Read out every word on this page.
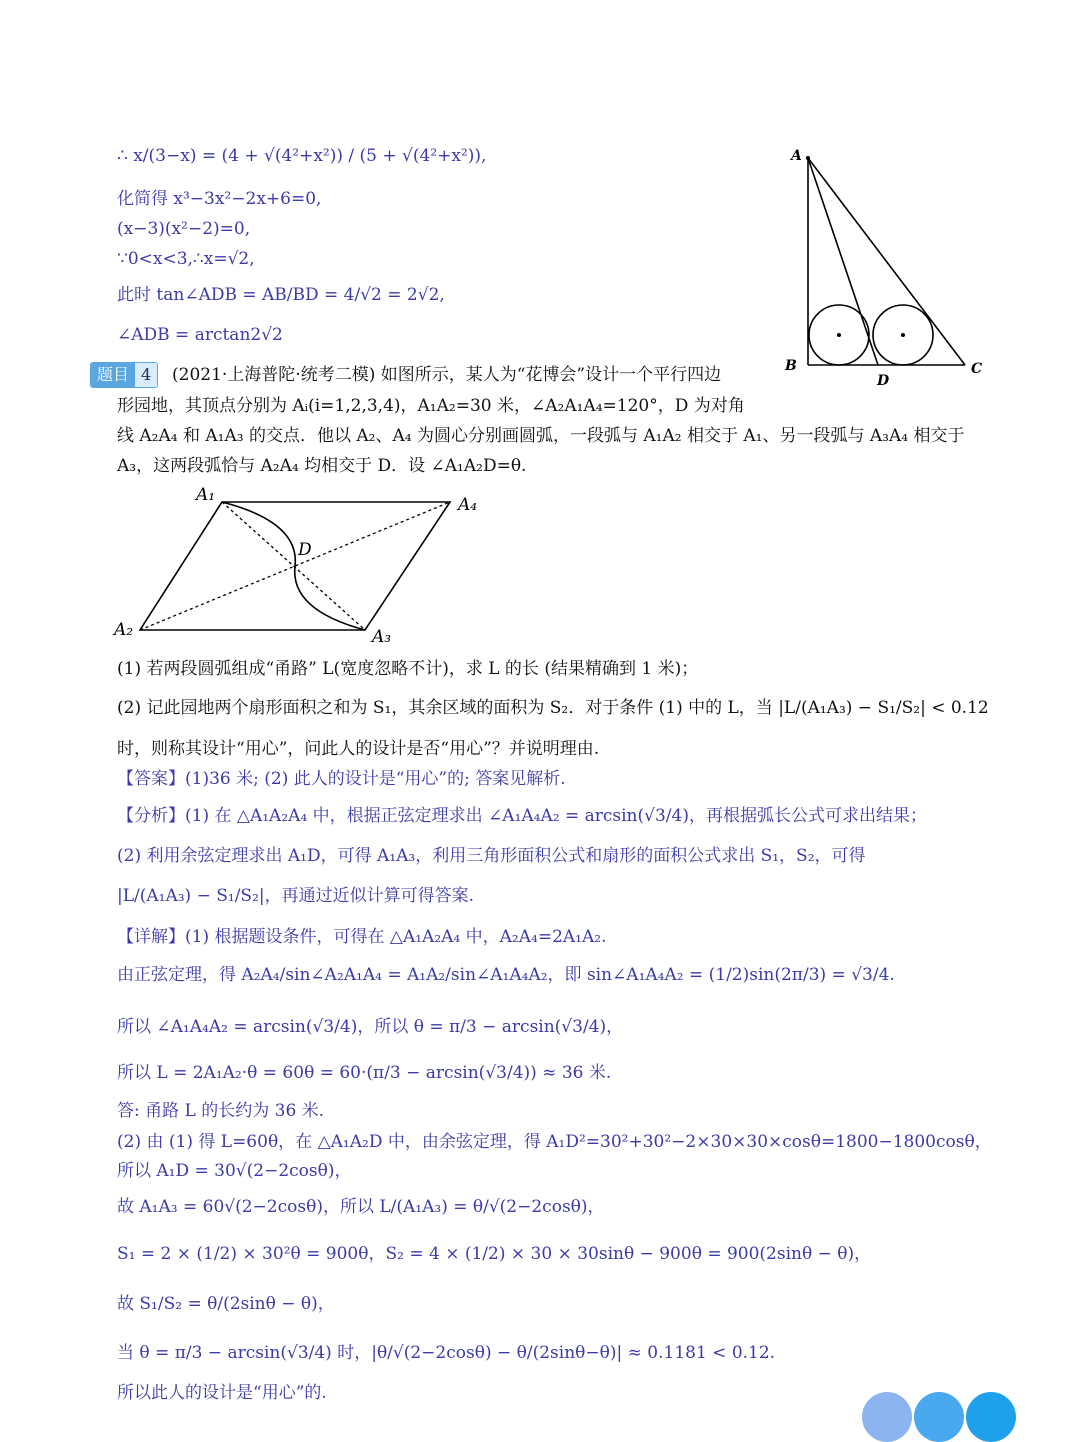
∴ x/(3−x) = (4 + √(4²+x²)) / (5 + √(4²+x²)),
化简得 x³−3x²−2x+6=0,
(x−3)(x²−2)=0,
∵0<x<3,∴x=√2,
此时 tan∠ADB = AB/BD = 4/√2 = 2√2,
∠ADB = arctan2√2
A
B	C
D
题目 4	(2021·上海普陀·统考二模) 如图所示，某人为“花博会”设计一个平行四边
形园地，其顶点分别为 Aᵢ(i=1,2,3,4)，A₁A₂=30 米，∠A₂A₁A₄=120°，D 为对角
线 A₂A₄ 和 A₁A₃ 的交点．他以 A₂、A₄ 为圆心分别画圆弧，一段弧与 A₁A₂ 相交于 A₁、另一段弧与 A₃A₄ 相交于
A₃，这两段弧恰与 A₂A₄ 均相交于 D．设 ∠A₁A₂D=θ.
A₁	A₄
A₂	A₃
D
(1) 若两段圆弧组成“甬路” L(宽度忽略不计)，求 L 的长 (结果精确到 1 米)；
(2) 记此园地两个扇形面积之和为 S₁，其余区域的面积为 S₂．对于条件 (1) 中的 L，当 |L/(A₁A₃) − S₁/S₂| < 0.12
时，则称其设计“用心”，问此人的设计是否“用心”？并说明理由.
【答案】(1)36 米; (2) 此人的设计是“用心”的; 答案见解析.
【分析】(1) 在 △A₁A₂A₄ 中，根据正弦定理求出 ∠A₁A₄A₂ = arcsin(√3/4)，再根据弧长公式可求出结果；
(2) 利用余弦定理求出 A₁D，可得 A₁A₃，利用三角形面积公式和扇形的面积公式求出 S₁，S₂，可得
|L/(A₁A₃) − S₁/S₂|，再通过近似计算可得答案.
【详解】(1) 根据题设条件，可得在 △A₁A₂A₄ 中，A₂A₄=2A₁A₂.
由正弦定理，得 A₂A₄/sin∠A₂A₁A₄ = A₁A₂/sin∠A₁A₄A₂，即 sin∠A₁A₄A₂ = (1/2)sin(2π/3) = √3/4.
所以 ∠A₁A₄A₂ = arcsin(√3/4)，所以 θ = π/3 − arcsin(√3/4)，
所以 L = 2A₁A₂·θ = 60θ = 60·(π/3 − arcsin(√3/4)) ≈ 36 米.
答: 甬路 L 的长约为 36 米.
(2) 由 (1) 得 L=60θ，在 △A₁A₂D 中，由余弦定理，得 A₁D²=30²+30²−2×30×30×cosθ=1800−1800cosθ，
所以 A₁D = 30√(2−2cosθ)，
故 A₁A₃ = 60√(2−2cosθ)，所以 L/(A₁A₃) = θ/√(2−2cosθ)，
S₁ = 2 × (1/2) × 30²θ = 900θ，S₂ = 4 × (1/2) × 30 × 30sinθ − 900θ = 900(2sinθ − θ)，
故 S₁/S₂ = θ/(2sinθ − θ)，
当 θ = π/3 − arcsin(√3/4) 时，|θ/√(2−2cosθ) − θ/(2sinθ−θ)| ≈ 0.1181 < 0.12.
所以此人的设计是“用心”的.
